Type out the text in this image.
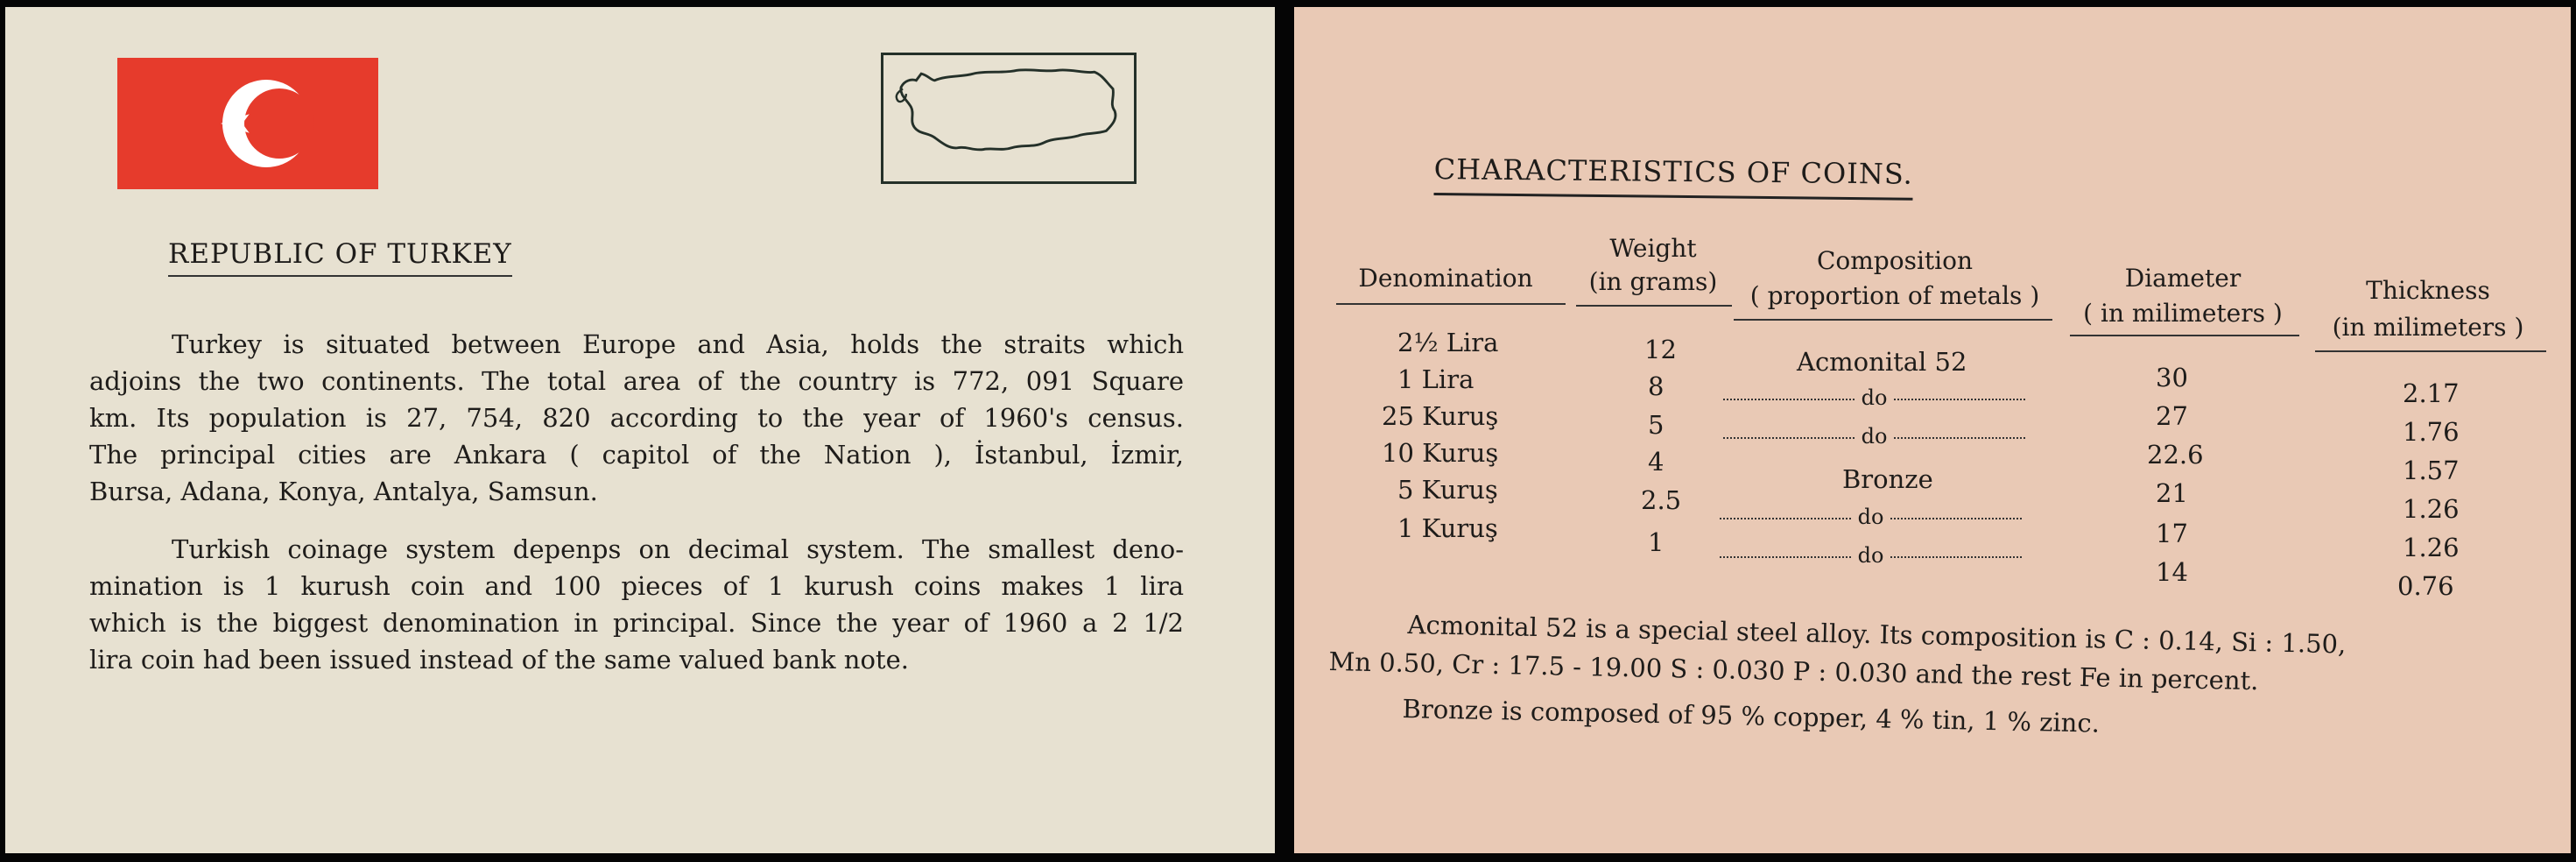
REPUBLIC OF TURKEY
Turkey is situated between Europe and Asia, holds the straits which
adjoins the two continents. The total area of the country is 772, 091 Square
km. Its population is 27, 754, 820 according to the year of 1960's census.
The principal cities are Ankara ( capitol of the Nation ), İstanbul, İzmir,
Bursa, Adana, Konya, Antalya, Samsun.
Turkish coinage system depenps on decimal system. The smallest deno-
mination is 1 kurush coin and 100 pieces of 1 kurush coins makes 1 lira
which is the biggest denomination in principal. Since the year of 1960 a 2 1/2
lira coin had been issued instead of the same valued bank note.
CHARACTERISTICS OF COINS.
Denomination
Weight
(in grams)
Composition
( proportion of metals )
Diameter
( in milimeters )
Thickness
(in milimeters )
2½ Lira
1 Lira
25 Kuruş
10 Kuruş
5 Kuruş
1 Kuruş
12
8
5
4
2.5
1
Acmonital 52
do
do
Bronze
do
do
30
27
22.6
21
17
14
2.17
1.76
1.57
1.26
1.26
0.76
Acmonital 52 is a special steel alloy. Its composition is C : 0.14, Si : 1.50,
Mn 0.50, Cr : 17.5 - 19.00 S : 0.030 P : 0.030 and the rest Fe in percent.
Bronze is composed of 95 % copper, 4 % tin, 1 % zinc.
